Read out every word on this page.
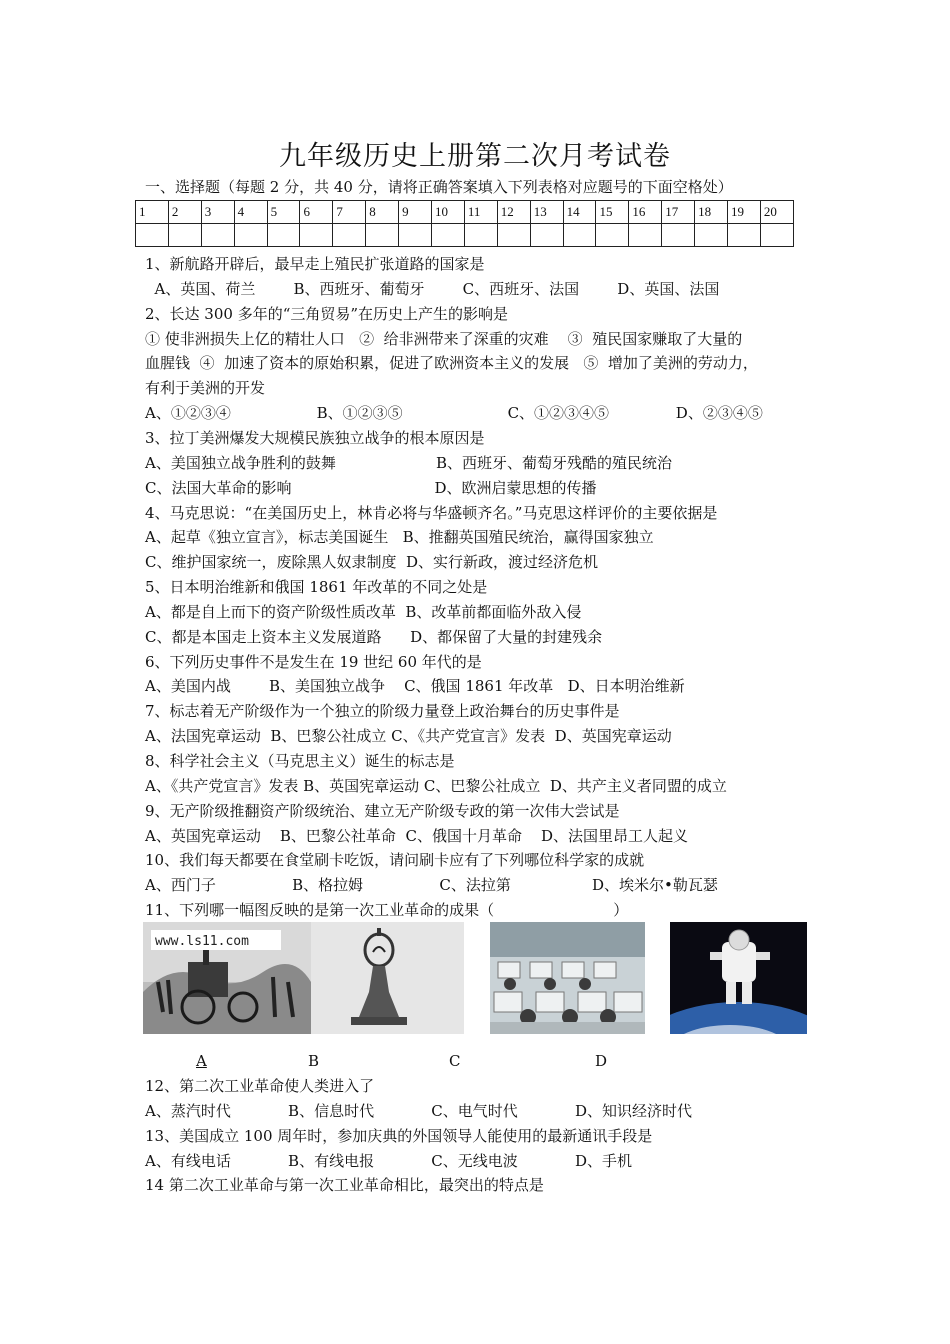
九年级历史上册第二次月考试卷
一、选择题（每题 2 分，共 40 分，请将正确答案填入下列表格对应题号的下面空格处）
1	2	3	4	5	6	7	8	9	10	11	12	13	14	15	16	17	18	19	20

1、新航路开辟后，最早走上殖民扩张道路的国家是
A、英国、荷兰        B、西班牙、葡萄牙        C、西班牙、法国        D、英国、法国
2、长达 300 多年的“三角贸易”在历史上产生的影响是
① 使非洲损失上亿的精壮人口   ②  给非洲带来了深重的灾难    ③  殖民国家赚取了大量的
血腥钱  ④  加速了资本的原始积累，促进了欧洲资本主义的发展   ⑤  增加了美洲的劳动力，
有利于美洲的开发
A、①②③④                  B、①②③⑤                      C、①②③④⑤              D、②③④⑤
3、拉丁美洲爆发大规模民族独立战争的根本原因是
A、美国独立战争胜利的鼓舞                     B、西班牙、葡萄牙残酷的殖民统治
C、法国大革命的影响                              D、欧洲启蒙思想的传播
4、马克思说：“在美国历史上，林肯必将与华盛顿齐名。”马克思这样评价的主要依据是
A、起草《独立宣言》，标志美国诞生   B、推翻英国殖民统治，赢得国家独立
C、维护国家统一，废除黑人奴隶制度  D、实行新政，渡过经济危机
5、日本明治维新和俄国 1861 年改革的不同之处是
A、都是自上而下的资产阶级性质改革  B、改革前都面临外敌入侵
C、都是本国走上资本主义发展道路      D、都保留了大量的封建残余
6、下列历史事件不是发生在 19 世纪 60 年代的是
A、美国内战        B、美国独立战争    C、俄国 1861 年改革   D、日本明治维新
7、标志着无产阶级作为一个独立的阶级力量登上政治舞台的历史事件是
A、法国宪章运动  B、巴黎公社成立 C、《共产党宣言》发表  D、英国宪章运动
8、科学社会主义（马克思主义）诞生的标志是
A、《共产党宣言》发表 B、英国宪章运动 C、巴黎公社成立  D、共产主义者同盟的成立
9、无产阶级推翻资产阶级统治、建立无产阶级专政的第一次伟大尝试是
A、英国宪章运动    B、巴黎公社革命  C、俄国十月革命    D、法国里昂工人起义
10、我们每天都要在食堂刷卡吃饭，请问刷卡应有了下列哪位科学家的成就
A、西门子                B、格拉姆                C、法拉第                 D、埃米尔•勒瓦瑟
11、下列哪一幅图反映的是第一次工业革命的成果（                         ）
www.ls11.com
A	B	C	D
12、第二次工业革命使人类进入了
A、蒸汽时代            B、信息时代            C、电气时代            D、知识经济时代
13、美国成立 100 周年时，参加庆典的外国领导人能使用的最新通讯手段是
A、有线电话            B、有线电报            C、无线电波            D、手机
14 第二次工业革命与第一次工业革命相比，最突出的特点是
